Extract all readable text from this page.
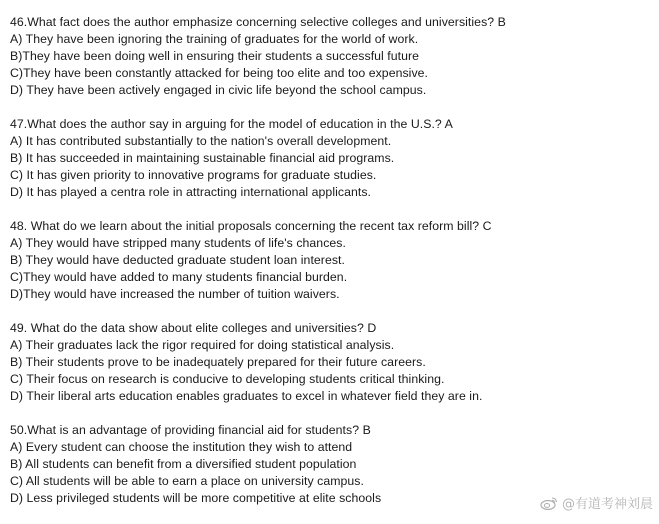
46.What fact does the author emphasize concerning selective colleges and universities? B
A) They have been ignoring the training of graduates for the world of work.
B)They have been doing well in ensuring their students a successful future
C)They have been constantly attacked for being too elite and too expensive.
D) They have been actively engaged in civic life beyond the school campus.
47.What does the author say in arguing for the model of education in the U.S.? A
A) It has contributed substantially to the nation's overall development.
B) It has succeeded in maintaining sustainable financial aid programs.
C) It has given priority to innovative programs for graduate studies.
D) It has played a centra role in attracting international applicants.
48. What do we learn about the initial proposals concerning the recent tax reform bill? C
A) They would have stripped many students of life's chances.
B) They would have deducted graduate student loan interest.
C)They would have added to many students financial burden.
D)They would have increased the number of tuition waivers.
49. What do the data show about elite colleges and universities? D
A) Their graduates lack the rigor required for doing statistical analysis.
B) Their students prove to be inadequately prepared for their future careers.
C) Their focus on research is conducive to developing students critical thinking.
D) Their liberal arts education enables graduates to excel in whatever field they are in.
50.What is an advantage of providing financial aid for students? B
A) Every student can choose the institution they wish to attend
B) All students can benefit from a diversified student population
C) All students will be able to earn a place on university campus.
D) Less privileged students will be more competitive at elite schools	@有道考神刘晨
